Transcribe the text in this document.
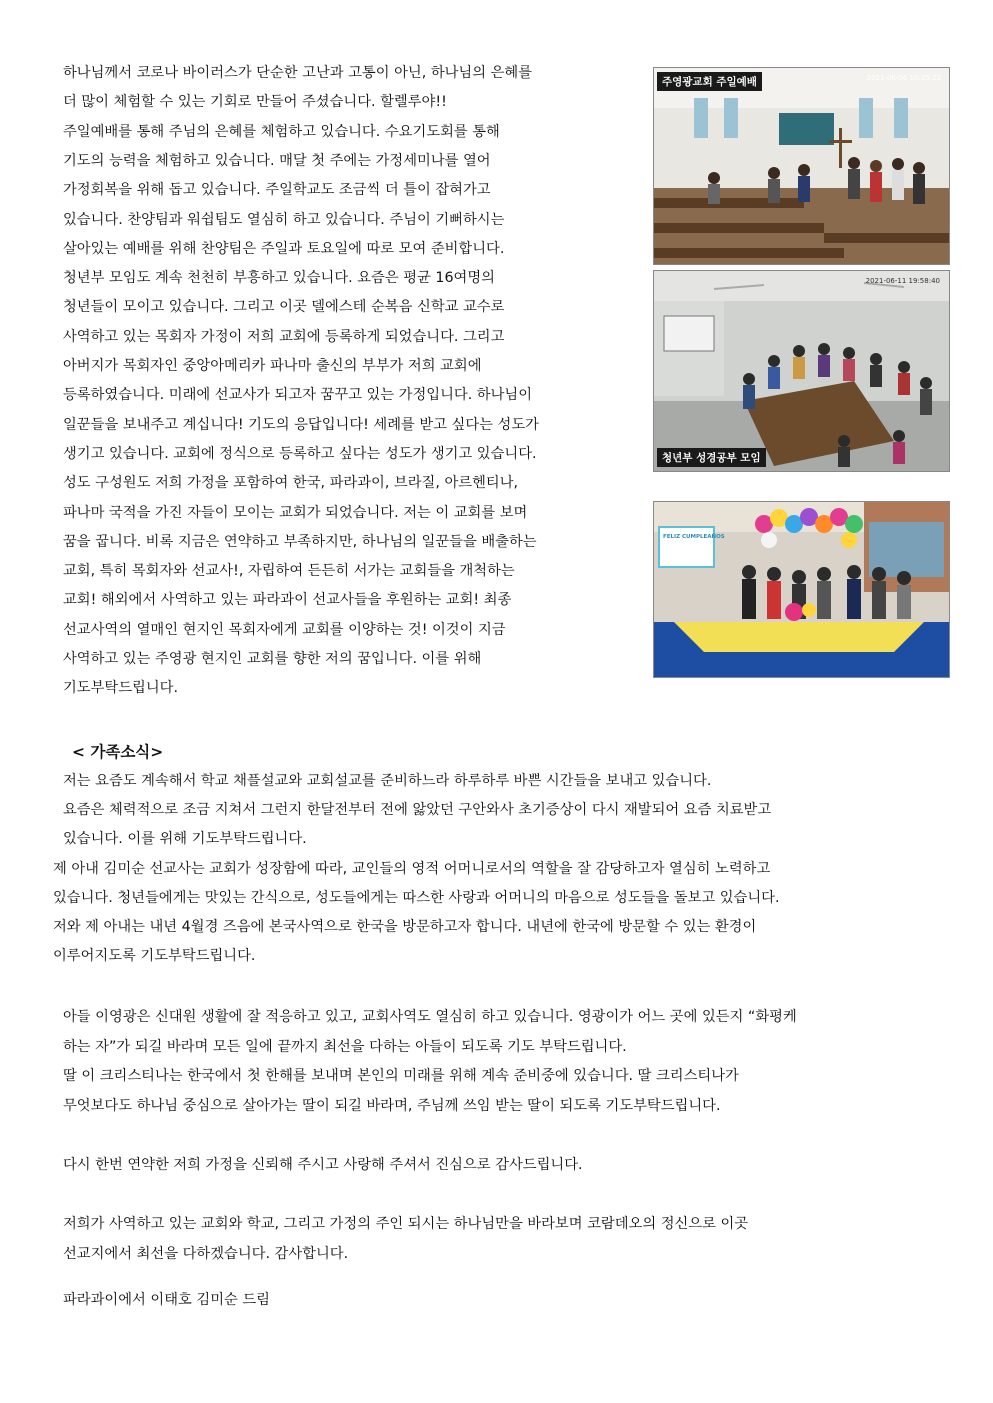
하나님께서 코로나 바이러스가 단순한 고난과 고통이 아닌, 하나님의 은혜를
더 많이 체험할 수 있는 기회로 만들어 주셨습니다. 할렐루야!!
주일예배를 통해 주님의 은혜를 체험하고 있습니다. 수요기도회를 통해
기도의 능력을 체험하고 있습니다. 매달 첫 주에는 가정세미나를 열어
가정회복을 위해 돕고 있습니다. 주일학교도 조금씩 더 틀이 잡혀가고
있습니다. 찬양팀과 워쉽팀도 열심히 하고 있습니다. 주님이 기뻐하시는
살아있는 예배를 위해 찬양팀은 주일과 토요일에 따로 모여 준비합니다.
청년부 모임도 계속 천천히 부흥하고 있습니다. 요즘은 평균 16여명의
청년들이 모이고 있습니다. 그리고 이곳 델에스테 순복음 신학교 교수로
사역하고 있는 목회자 가정이 저희 교회에 등록하게 되었습니다. 그리고
아버지가 목회자인 중앙아메리카 파나마 출신의 부부가 저희 교회에
등록하였습니다. 미래에 선교사가 되고자 꿈꾸고 있는 가정입니다. 하나님이
일꾼들을 보내주고 계십니다! 기도의 응답입니다! 세례를 받고 싶다는 성도가
생기고 있습니다. 교회에 정식으로 등록하고 싶다는 성도가 생기고 있습니다.
성도 구성원도 저희 가정을 포함하여 한국, 파라과이, 브라질, 아르헨티나,
파나마 국적을 가진 자들이 모이는 교회가 되었습니다. 저는 이 교회를 보며
꿈을 꿉니다. 비록 지금은 연약하고 부족하지만, 하나님의 일꾼들을 배출하는
교회, 특히 목회자와 선교사!, 자립하여 든든히 서가는 교회들을 개척하는
교회! 해외에서 사역하고 있는 파라과이 선교사들을 후원하는 교회! 최종
선교사역의 열매인 현지인 목회자에게 교회를 이양하는 것! 이것이 지금
사역하고 있는 주영광 현지인 교회를 향한 저의 꿈입니다. 이를 위해
기도부탁드립니다.
주영광교회 주일예배	2021-06-06 10:35:22
2021-06-11 19:58:40
청년부 성경공부 모임
FELIZ CUMPLEAÑOS
< 가족소식>
저는 요즘도 계속해서 학교 채플설교와 교회설교를 준비하느라 하루하루 바쁜 시간들을 보내고 있습니다.
요즘은 체력적으로 조금 지쳐서 그런지 한달전부터 전에 앓았던 구안와사 초기증상이 다시 재발되어 요즘 치료받고
있습니다. 이를 위해 기도부탁드립니다.
제 아내 김미순 선교사는 교회가 성장함에 따라, 교인들의 영적 어머니로서의 역할을 잘 감당하고자 열심히 노력하고
있습니다. 청년들에게는 맛있는 간식으로, 성도들에게는 따스한 사랑과 어머니의 마음으로 성도들을 돌보고 있습니다.
저와 제 아내는 내년 4월경 즈음에 본국사역으로 한국을 방문하고자 합니다. 내년에 한국에 방문할 수 있는 환경이
이루어지도록 기도부탁드립니다.
아들 이영광은 신대원 생활에 잘 적응하고 있고, 교회사역도 열심히 하고 있습니다. 영광이가 어느 곳에 있든지 “화평케
하는 자”가 되길 바라며 모든 일에 끝까지 최선을 다하는 아들이 되도록 기도 부탁드립니다.
딸 이 크리스티나는 한국에서 첫 한해를 보내며 본인의 미래를 위해 계속 준비중에 있습니다. 딸 크리스티나가
무엇보다도 하나님 중심으로 살아가는 딸이 되길 바라며, 주님께 쓰임 받는 딸이 되도록 기도부탁드립니다.
다시 한번 연약한 저희 가정을 신뢰해 주시고 사랑해 주셔서 진심으로 감사드립니다.
저희가 사역하고 있는 교회와 학교, 그리고 가정의 주인 되시는 하나님만을 바라보며 코람데오의 정신으로 이곳
선교지에서 최선을 다하겠습니다. 감사합니다.
파라과이에서 이태호 김미순 드림
